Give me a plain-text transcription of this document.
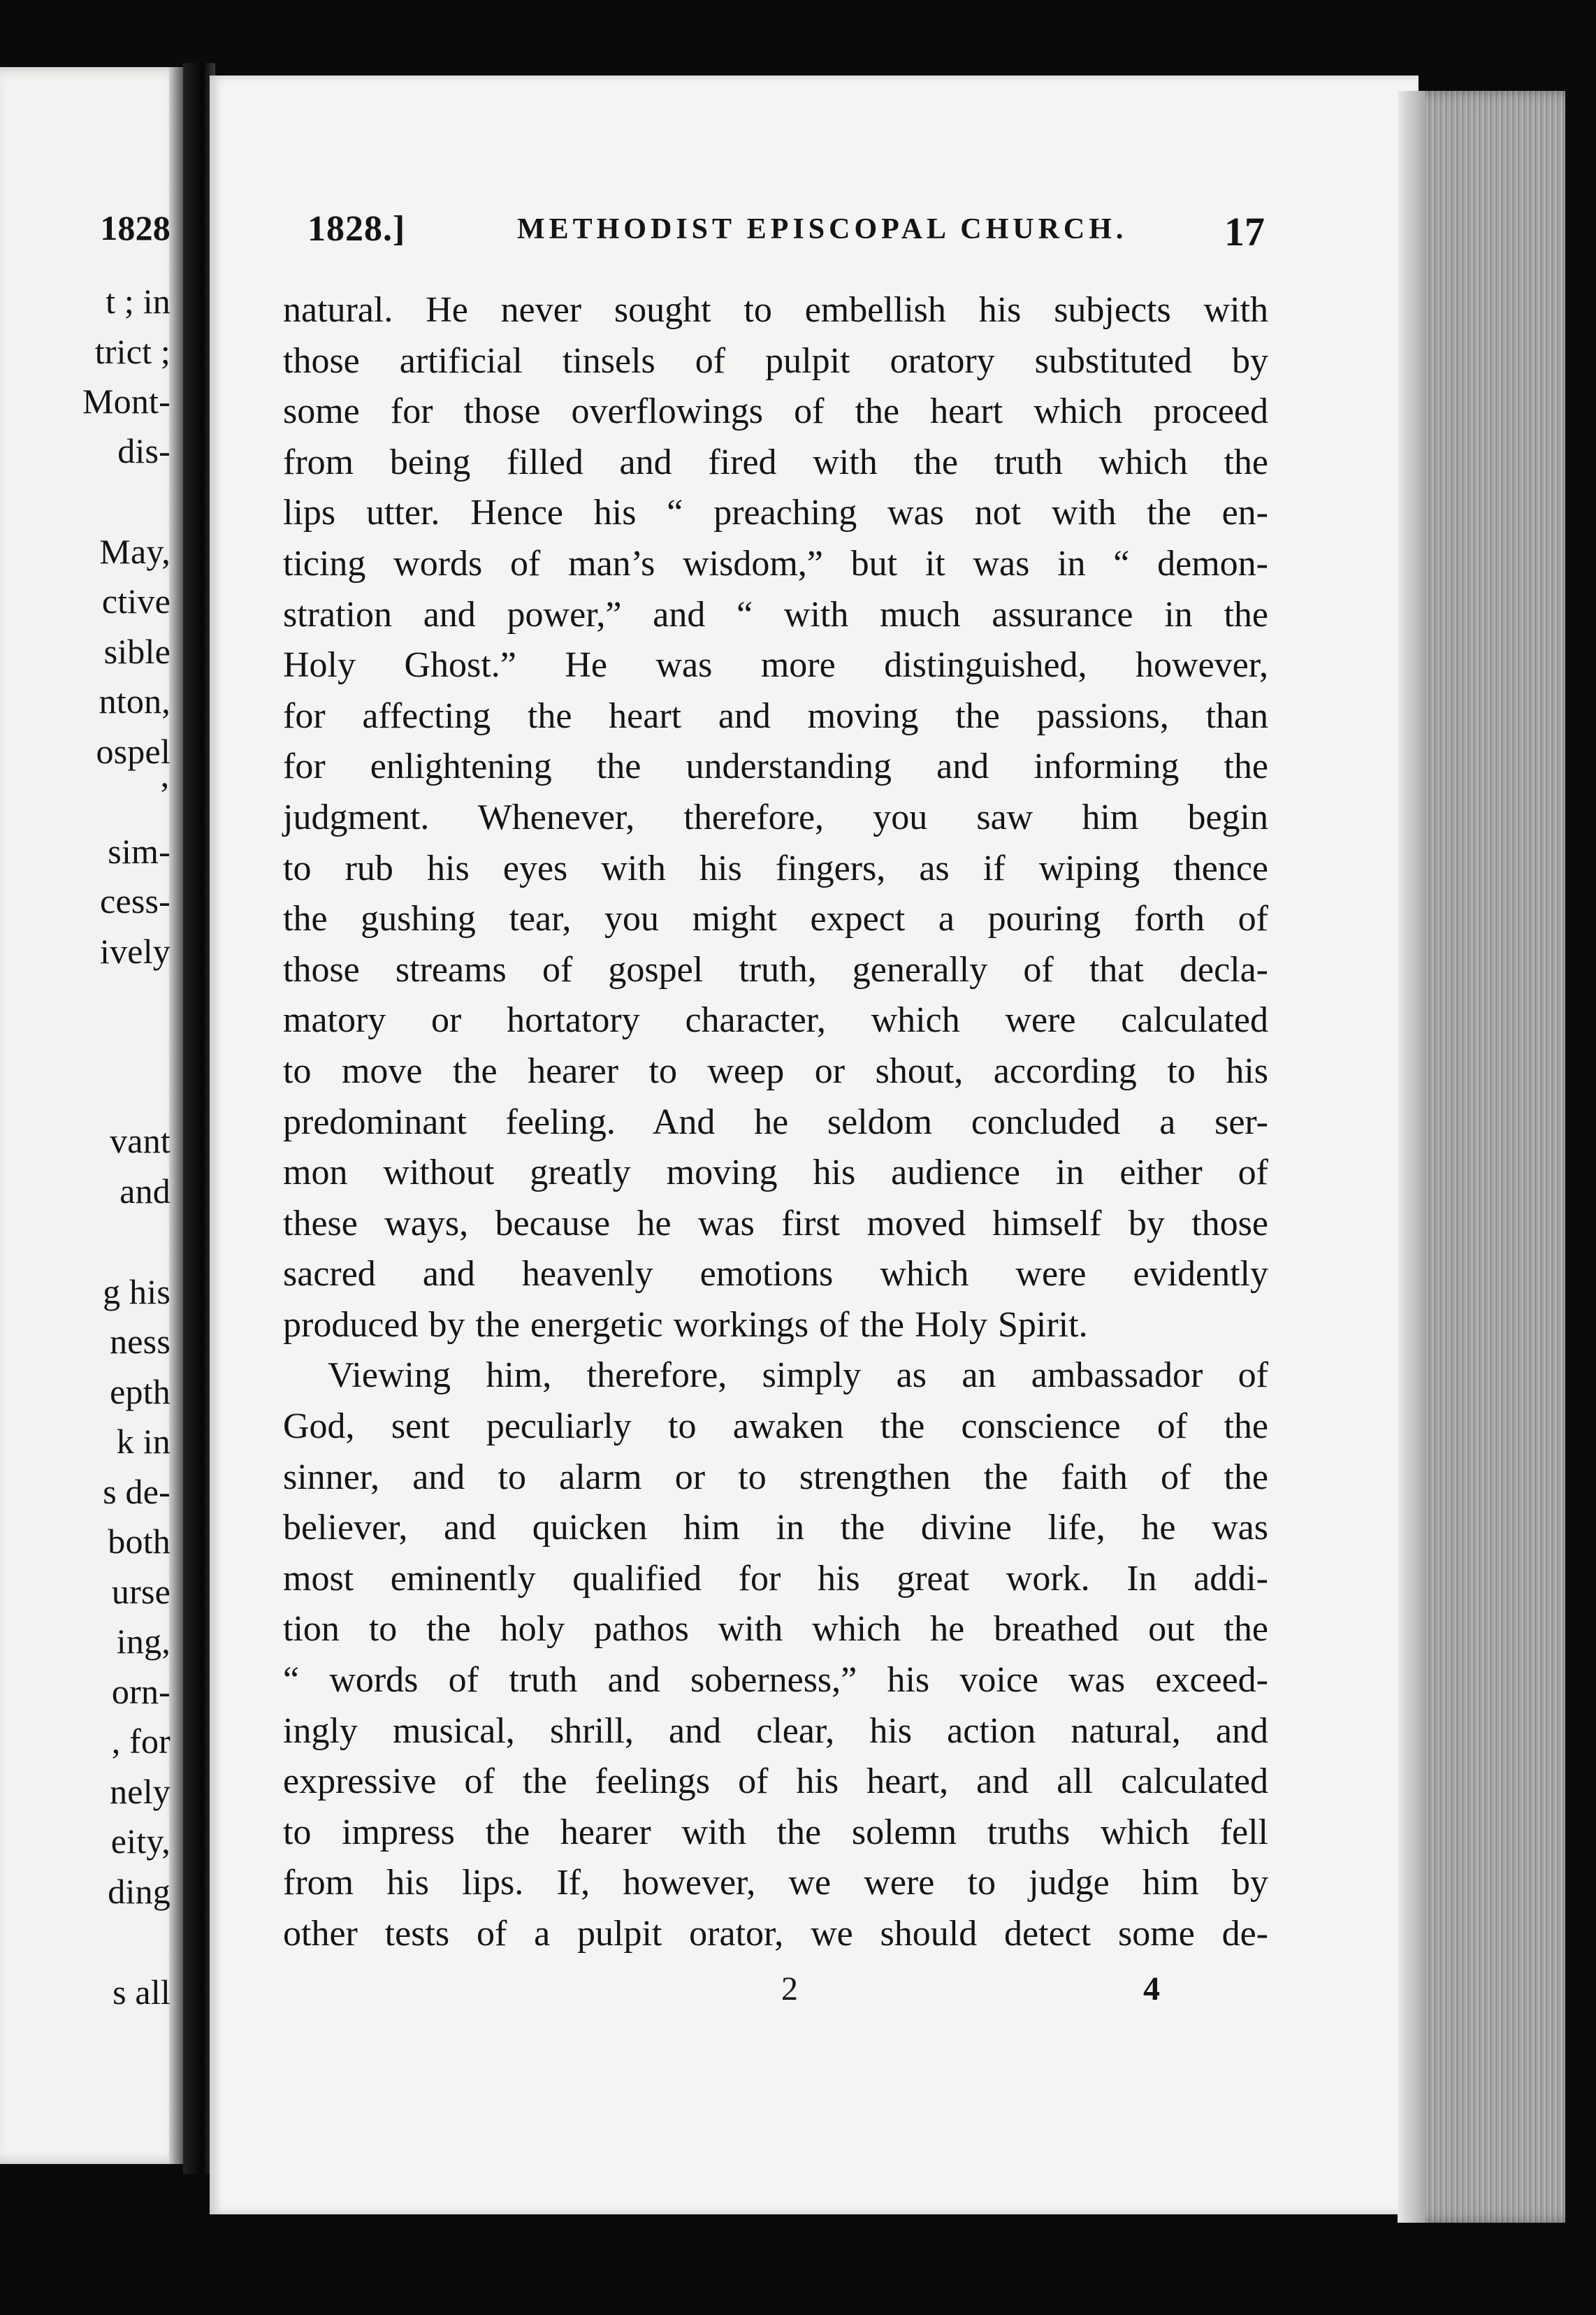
1828
t ; in
trict ;
Mont-
dis-
May,
ctive
sible
nton,
ospel
’
sim-
cess-
ively
vant
and
g his
ness
epth
k in
s de-
both
urse
ing,
orn-
, for
nely
eity,
ding
s all
1828.]	METHODIST EPISCOPAL CHURCH. 17
natural. He never sought to embellish his subjects with
those artificial tinsels of pulpit oratory substituted by
some for those overflowings of the heart which proceed
from being filled and fired with the truth which the
lips utter. Hence his “ preaching was not with the en-
ticing words of man’s wisdom,” but it was in “ demon-
stration and power,” and “ with much assurance in the
Holy Ghost.” He was more distinguished, however,
for affecting the heart and moving the passions, than
for enlightening the understanding and informing the
judgment. Whenever, therefore, you saw him begin
to rub his eyes with his fingers, as if wiping thence
the gushing tear, you might expect a pouring forth of
those streams of gospel truth, generally of that decla-
matory or hortatory character, which were calculated
to move the hearer to weep or shout, according to his
predominant feeling. And he seldom concluded a ser-
mon without greatly moving his audience in either of
these ways, because he was first moved himself by those
sacred and heavenly emotions which were evidently
produced by the energetic workings of the Holy Spirit.
Viewing him, therefore, simply as an ambassador of
God, sent peculiarly to awaken the conscience of the
sinner, and to alarm or to strengthen the faith of the
believer, and quicken him in the divine life, he was
most eminently qualified for his great work. In addi-
tion to the holy pathos with which he breathed out the
“ words of truth and soberness,” his voice was exceed-
ingly musical, shrill, and clear, his action natural, and
expressive of the feelings of his heart, and all calculated
to impress the hearer with the solemn truths which fell
from his lips. If, however, we were to judge him by
other tests of a pulpit orator, we should detect some de-
2	4
